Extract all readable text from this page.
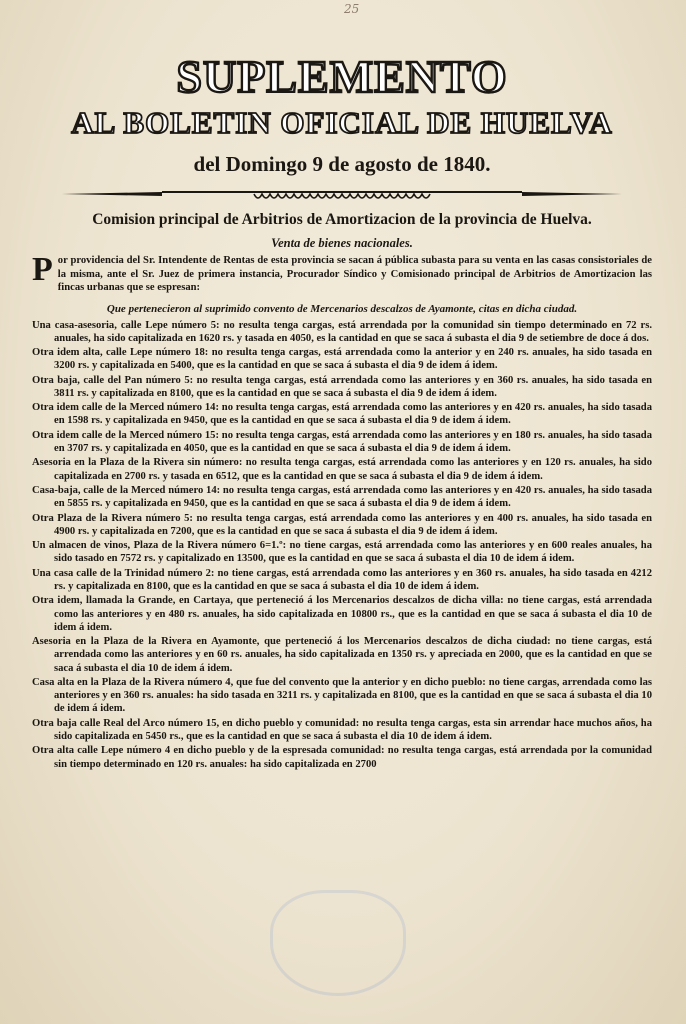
25
SUPLEMENTO
AL BOLETIN OFICIAL DE HUELVA
del Domingo 9 de agosto de 1840.
Comision principal de Arbitrios de Amortizacion de la provincia de Huelva.
Venta de bienes nacionales.

Por providencia del Sr. Intendente de Rentas de esta provincia se sacan á pública subasta para su venta en las casas consistoriales de la misma, ante el Sr. Juez de primera instancia, Procurador Síndico y Comisionado principal de Arbitrios de Amortizacion las fincas urbanas que se espresan:

Que pertenecieron al suprimido convento de Mercenarios descalzos de Ayamonte, citas en dicha ciudad.

Una casa-asesoria, calle Lepe número 5: no resulta tenga cargas, está arrendada por la comunidad sin tiempo determinado en 72 rs. anuales, ha sido capitalizada en 1620 rs. y tasada en 4050, es la cantidad en que se saca á subasta el dia 9 de setiembre de doce á dos.

Otra idem alta, calle Lepe número 18: no resulta tenga cargas, está arrendada como la anterior y en 240 rs. anuales, ha sido tasada en 3200 rs. y capitalizada en 5400, que es la cantidad en que se saca á subasta el dia 9 de idem á idem.

Otra baja, calle del Pan número 5: no resulta tenga cargas, está arrendada como las anteriores y en 360 rs. anuales, ha sido tasada en 3811 rs. y capitalizada en 8100, que es la cantidad en que se saca á subasta el dia 9 de idem á idem.

Otra idem calle de la Merced número 14: no resulta tenga cargas, está arrendada como las anteriores y en 420 rs. anuales, ha sido tasada en 1598 rs. y capitalizada en 9450, que es la cantidad en que se saca á subasta el dia 9 de idem á idem.

Otra idem calle de la Merced número 15: no resulta tenga cargas, está arrendada como las anteriores y en 180 rs. anuales, ha sido tasada en 3707 rs. y capitalizada en 4050, que es la cantidad en que se saca á subasta el dia 9 de idem á idem.

Asesoria en la Plaza de la Rivera sin número: no resulta tenga cargas, está arrendada como las anteriores y en 120 rs. anuales, ha sido capitalizada en 2700 rs. y tasada en 6512, que es la cantidad en que se saca á subasta el dia 9 de idem á idem.

Casa-baja, calle de la Merced número 14: no resulta tenga cargas, está arrendada como las anteriores y en 420 rs. anuales, ha sido tasada en 5855 rs. y capitalizada en 9450, que es la cantidad en que se saca á subasta el dia 9 de idem á idem.

Otra Plaza de la Rivera número 5: no resulta tenga cargas, está arrendada como las anteriores y en 400 rs. anuales, ha sido tasada en 4900 rs. y capitalizada en 7200, que es la cantidad en que se saca á subasta el dia 9 de idem á idem.

Un almacen de vinos, Plaza de la Rivera número 6=1.º: no tiene cargas, está arrendada como las anteriores y en 600 reales anuales, ha sido tasado en 7572 rs. y capitalizado en 13500, que es la cantidad en que se saca á subasta el dia 10 de idem á idem.

Una casa calle de la Trinidad número 2: no tiene cargas, está arrendada como las anteriores y en 360 rs. anuales, ha sido tasada en 4212 rs. y capitalizada en 8100, que es la cantidad en que se saca á subasta el dia 10 de idem á idem.

Otra idem, llamada la Grande, en Cartaya, que perteneció á los Mercenarios descalzos de dicha villa: no tiene cargas, está arrendada como las anteriores y en 480 rs. anuales, ha sido capitalizada en 10800 rs., que es la cantidad en que se saca á subasta el dia 10 de idem á idem.

Asesoria en la Plaza de la Rivera en Ayamonte, que perteneció á los Mercenarios descalzos de dicha ciudad: no tiene cargas, está arrendada como las anteriores y en 60 rs. anuales, ha sido capitalizada en 1350 rs. y apreciada en 2000, que es la cantidad en que se saca á subasta el dia 10 de idem á idem.

Casa alta en la Plaza de la Rivera número 4, que fue del convento que la anterior y en dicho pueblo: no tiene cargas, arrendada como las anteriores y en 360 rs. anuales: ha sido tasada en 3211 rs. y capitalizada en 8100, que es la cantidad en que se saca á subasta el dia 10 de idem á idem.

Otra baja calle Real del Arco número 15, en dicho pueblo y comunidad: no resulta tenga cargas, esta sin arrendar hace muchos años, ha sido capitalizada en 5450 rs., que es la cantidad en que se saca á subasta el dia 10 de idem á idem.

Otra alta calle Lepe número 4 en dicho pueblo y de la espresada comunidad: no resulta tenga cargas, está arrendada por la comunidad sin tiempo determinado en 120 rs. anuales: ha sido capitalizada en 2700
